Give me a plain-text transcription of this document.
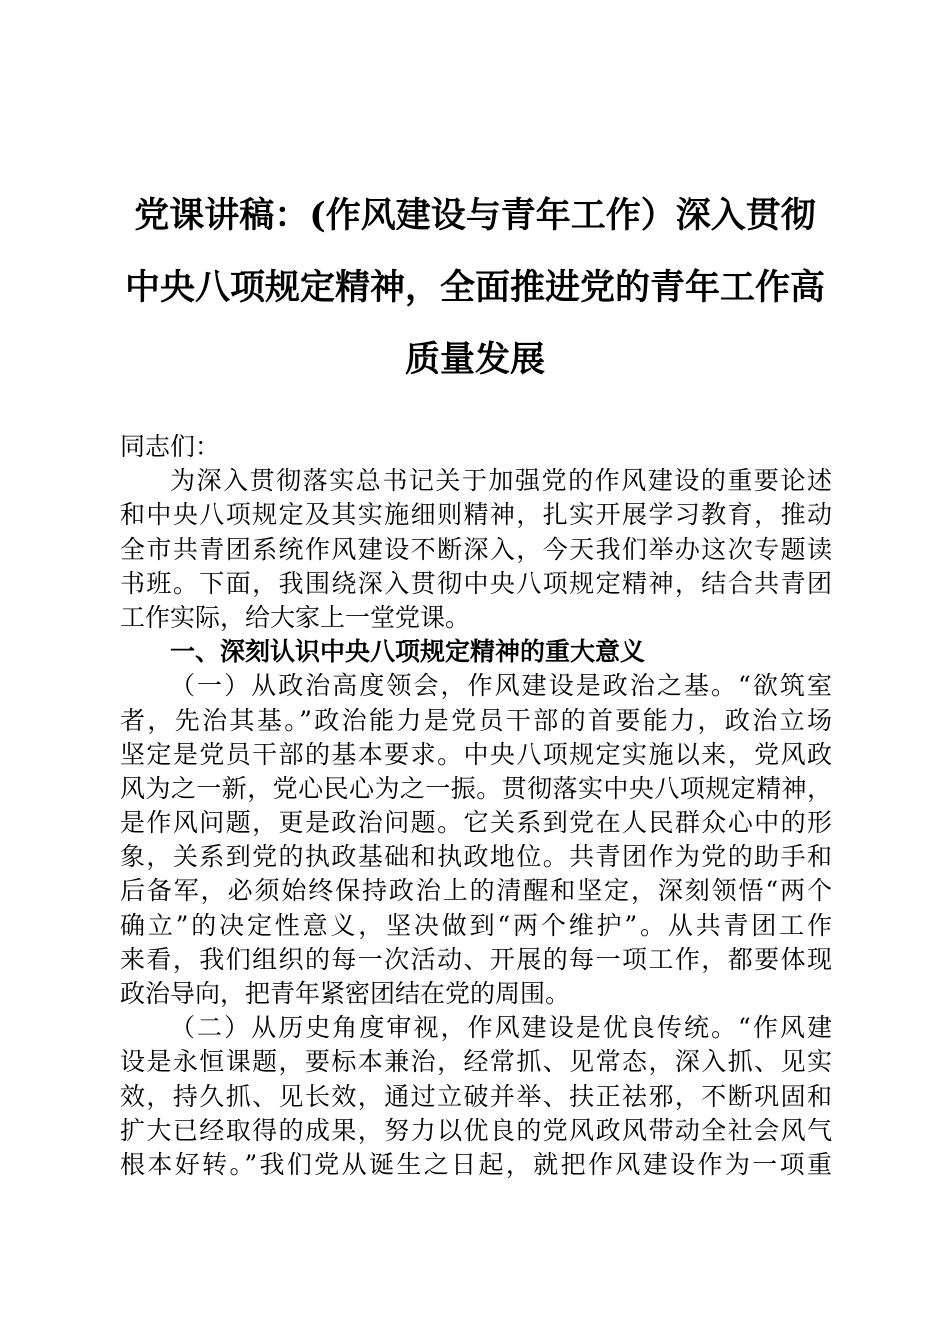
党课讲稿：(作风建设与青年工作）深入贯彻
中央八项规定精神，全面推进党的青年工作高
质量发展
同志们：
为深入贯彻落实总书记关于加强党的作风建设的重要论述
和中央八项规定及其实施细则精神，扎实开展学习教育，推动
全市共青团系统作风建设不断深入，今天我们举办这次专题读
书班。下面，我围绕深入贯彻中央八项规定精神，结合共青团
工作实际，给大家上一堂党课。
一、深刻认识中央八项规定精神的重大意义
（一）从政治高度领会，作风建设是政治之基。“欲筑室
者，先治其基。”政治能力是党员干部的首要能力，政治立场
坚定是党员干部的基本要求。中央八项规定实施以来，党风政
风为之一新，党心民心为之一振。贯彻落实中央八项规定精神，
是作风问题，更是政治问题。它关系到党在人民群众心中的形
象，关系到党的执政基础和执政地位。共青团作为党的助手和
后备军，必须始终保持政治上的清醒和坚定，深刻领悟“两个
确立”的决定性意义，坚决做到“两个维护”。从共青团工作
来看，我们组织的每一次活动、开展的每一项工作，都要体现
政治导向，把青年紧密团结在党的周围。
（二）从历史角度审视，作风建设是优良传统。“作风建
设是永恒课题，要标本兼治，经常抓、见常态，深入抓、见实
效，持久抓、见长效，通过立破并举、扶正祛邪，不断巩固和
扩大已经取得的成果，努力以优良的党风政风带动全社会风气
根本好转。”我们党从诞生之日起，就把作风建设作为一项重
